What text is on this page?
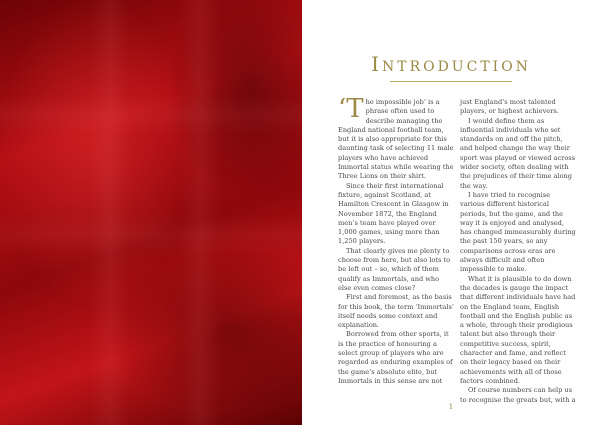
Introduction

‘The impossible job’ is a phrase often used to describe managing the England national football team, but it is also appropriate for this daunting task of selecting 11 male players who have achieved Immortal status while wearing the Three Lions on their shirt.

Since their first international fixture, against Scotland, at Hamilton Crescent in Glasgow in November 1872, the England men’s team have played over 1,000 games, using more than 1,250 players.

That clearly gives me plenty to choose from here, but also lots to be left out – so, which of them qualify as Immortals, and who else even comes close?

First and foremost, as the basis for this book, the term ‘Immortals’ itself needs some context and explanation.

Borrowed from other sports, it is the practice of honouring a select group of players who are regarded as enduring examples of the game’s absolute elite, but Immortals in this sense are not

just England’s most talented players, or highest achievers.

I would define them as influential individuals who set standards on and off the pitch, and helped change the way their sport was played or viewed across wider society, often dealing with the prejudices of their time along the way.

I have tried to recognise various different historical periods, but the game, and the way it is enjoyed and analysed, has changed immeasurably during the past 150 years, so any comparisons across eras are always difficult and often impossible to make.

What it is plausible to do down the decades is gauge the impact that different individuals have had on the England team, English football and the English public as a whole, through their prodigious talent but also through their competitive success, spirit, character and fame, and reflect on their legacy based on their achievements with all of those factors combined.

Of course numbers can help us to recognise the greats but, with a

1
